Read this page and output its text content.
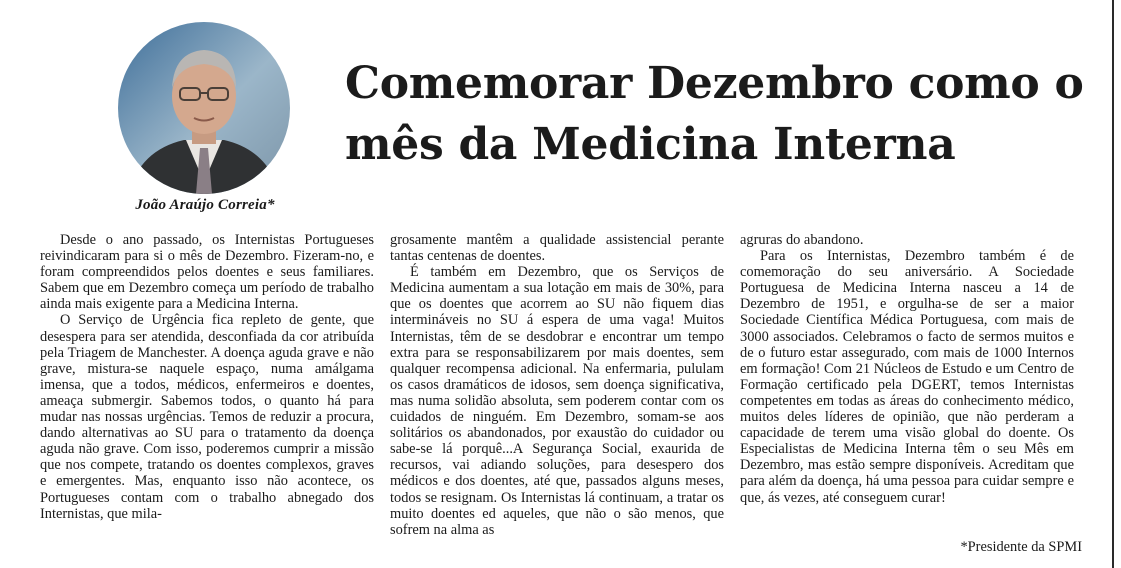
João Araújo Correia*
Comemorar Dezembro como o mês da Medicina Interna

Desde o ano passado, os Internistas Portugueses reivindicaram para si o mês de Dezembro. Fizeram-no, e foram compreendidos pelos doentes e seus familiares. Sabem que em Dezembro começa um período de trabalho ainda mais exigente para a Medicina Interna.

O Serviço de Urgência fica repleto de gente, que desespera para ser atendida, desconfiada da cor atribuída pela Triagem de Manchester. A doença aguda grave e não grave, mistura-se naquele espaço, numa amálgama imensa, que a todos, médicos, enfermeiros e doentes, ameaça submergir. Sabemos todos, o quanto há para mudar nas nossas urgências. Temos de reduzir a procura, dando alternativas ao SU para o tratamento da doença aguda não grave. Com isso, poderemos cumprir a missão que nos compete, tratando os doentes complexos, graves e emergentes. Mas, enquanto isso não acontece, os Portugueses contam com o trabalho abnegado dos Internistas, que mila-

grosamente mantêm a qualidade assistencial perante tantas centenas de doentes.

É também em Dezembro, que os Serviços de Medicina aumentam a sua lotação em mais de 30%, para que os doentes que acorrem ao SU não fiquem dias intermináveis no SU á espera de uma vaga! Muitos Internistas, têm de se desdobrar e encontrar um tempo extra para se responsabilizarem por mais doentes, sem qualquer recompensa adicional. Na enfermaria, pululam os casos dramáticos de idosos, sem doença significativa, mas numa solidão absoluta, sem poderem contar com os cuidados de ninguém. Em Dezembro, somam-se aos solitários os abandonados, por exaustão do cuidador ou sabe-se lá porquê...A Segurança Social, exaurida de recursos, vai adiando soluções, para desespero dos médicos e dos doentes, até que, passados alguns meses, todos se resignam. Os Internistas lá continuam, a tratar os muito doentes ed aqueles, que não o são menos, que sofrem na alma as

agruras do abandono.

Para os Internistas, Dezembro também é de comemoração do seu aniversário. A Sociedade Portuguesa de Medicina Interna nasceu a 14 de Dezembro de 1951, e orgulha-se de ser a maior Sociedade Científica Médica Portuguesa, com mais de 3000 associados. Celebramos o facto de sermos muitos e de o futuro estar assegurado, com mais de 1000 Internos em formação! Com 21 Núcleos de Estudo e um Centro de Formação certificado pela DGERT, temos Internistas competentes em todas as áreas do conhecimento médico, muitos deles líderes de opinião, que não perderam a capacidade de terem uma visão global do doente. Os Especialistas de Medicina Interna têm o seu Mês em Dezembro, mas estão sempre disponíveis. Acreditam que para além da doença, há uma pessoa para cuidar sempre e que, ás vezes, até conseguem curar!

*Presidente da SPMI
